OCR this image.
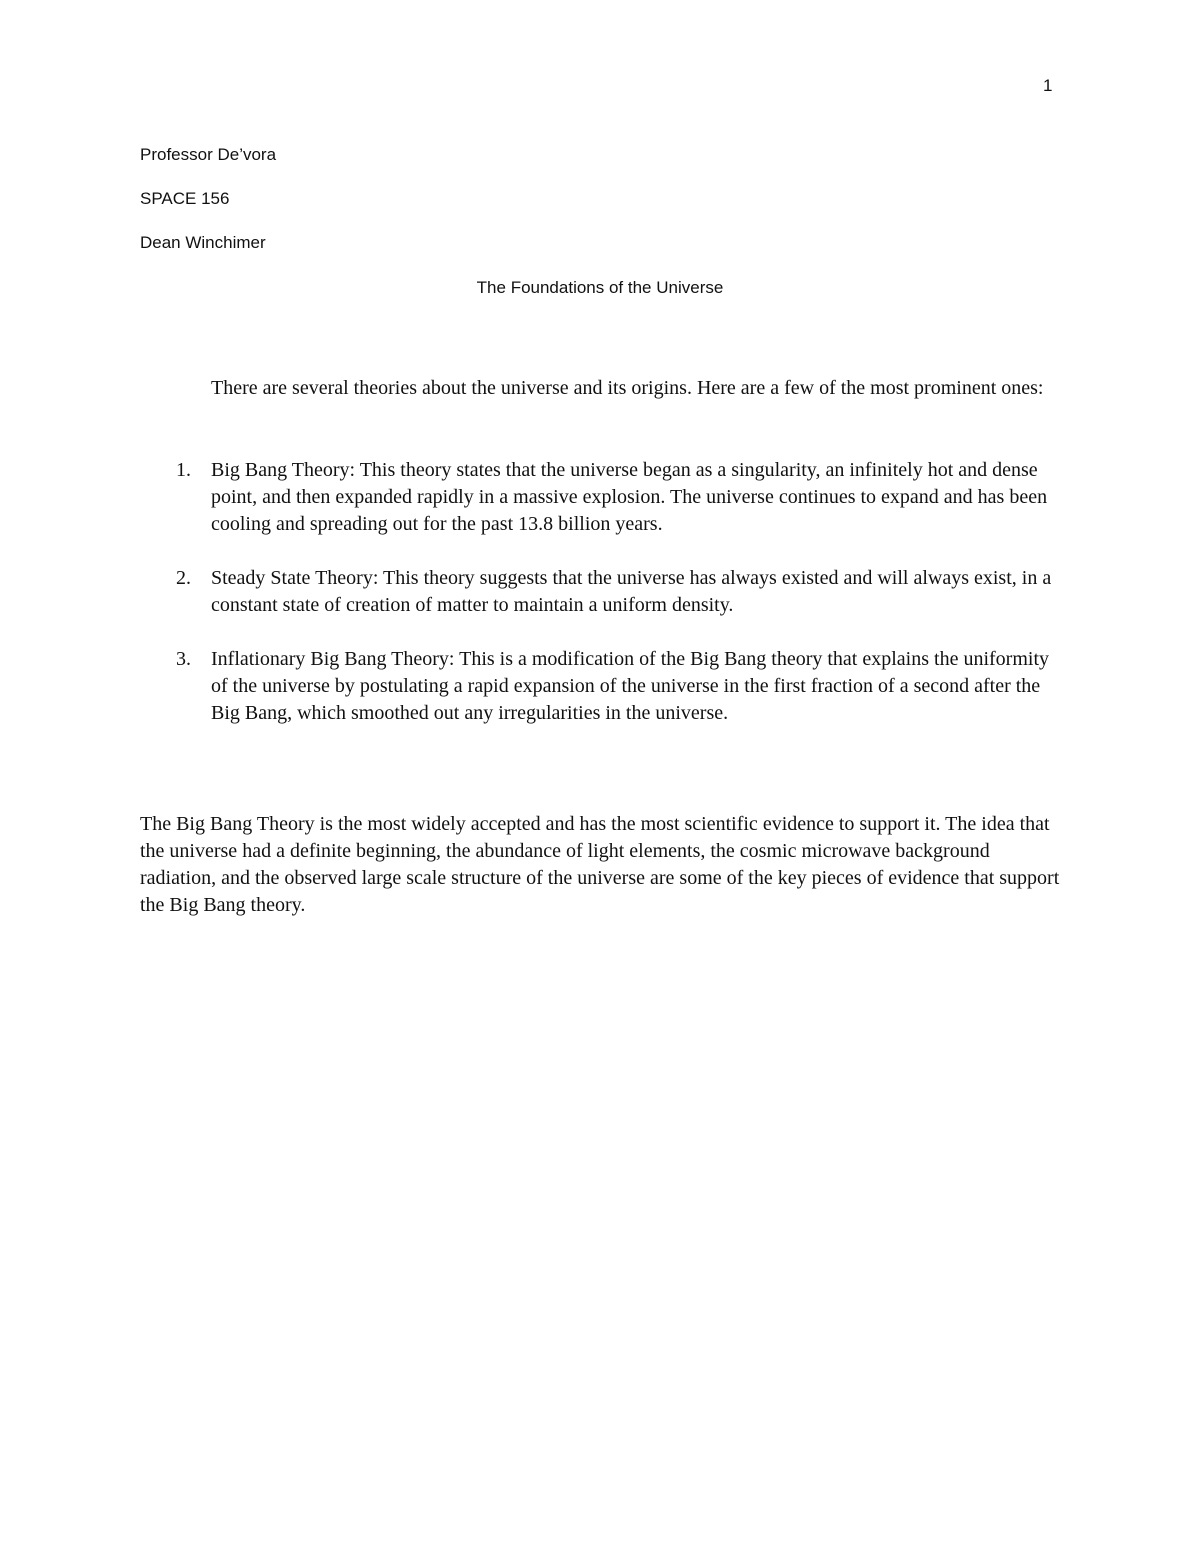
1
Professor De’vora
SPACE 156
Dean Winchimer
The Foundations of the Universe

There are several theories about the universe and its origins. Here are a few of the most prominent ones:

1. Big Bang Theory: This theory states that the universe began as a singularity, an infinitely hot and dense point, and then expanded rapidly in a massive explosion. The universe continues to expand and has been cooling and spreading out for the past 13.8 billion years.
2. Steady State Theory: This theory suggests that the universe has always existed and will always exist, in a constant state of creation of matter to maintain a uniform density.
3. Inflationary Big Bang Theory: This is a modification of the Big Bang theory that explains the uniformity of the universe by postulating a rapid expansion of the universe in the first fraction of a second after the Big Bang, which smoothed out any irregularities in the universe.

The Big Bang Theory is the most widely accepted and has the most scientific evidence to support it. The idea that the universe had a definite beginning, the abundance of light elements, the cosmic microwave background radiation, and the observed large scale structure of the universe are some of the key pieces of evidence that support the Big Bang theory.
